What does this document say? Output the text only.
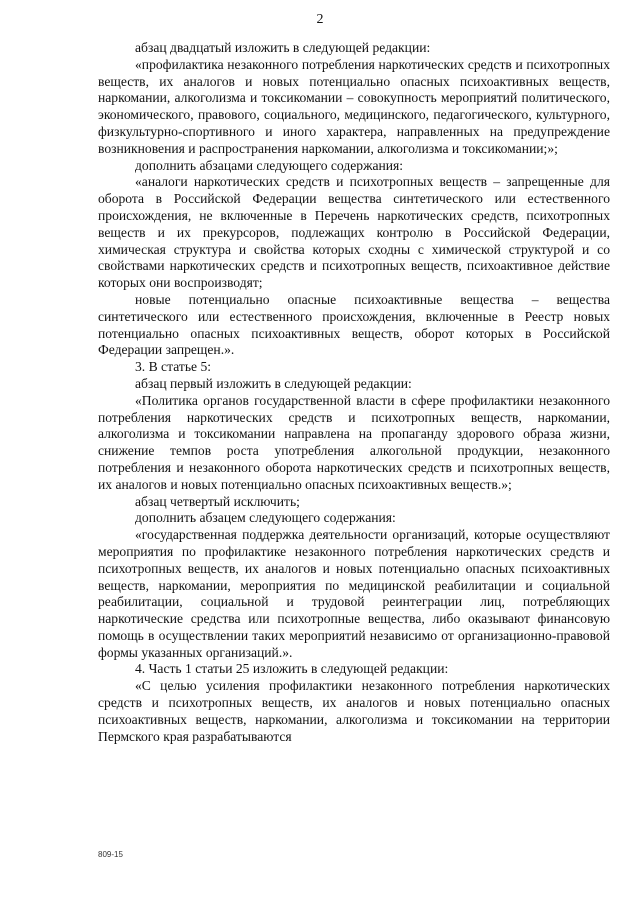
2

абзац двадцатый изложить в следующей редакции:

«профилактика незаконного потребления наркотических средств и психотропных веществ, их аналогов и новых потенциально опасных психоактивных веществ, наркомании, алкоголизма и токсикомании – совокупность мероприятий политического, экономического, правового, социального, медицинского, педагогического, культурного, физкультурно-спортивного и иного характера, направленных на предупреждение возникновения и распространения наркомании, алкоголизма и токсикомании;»;

дополнить абзацами следующего содержания:

«аналоги наркотических средств и психотропных веществ – запрещенные для оборота в Российской Федерации вещества синтетического или естественного происхождения, не включенные в Перечень наркотических средств, психотропных веществ и их прекурсоров, подлежащих контролю в Российской Федерации, химическая структура и свойства которых сходны с химической структурой и со свойствами наркотических средств и психотропных веществ, психоактивное действие которых они воспроизводят;

новые потенциально опасные психоактивные вещества – вещества синтетического или естественного происхождения, включенные в Реестр новых потенциально опасных психоактивных веществ, оборот которых в Российской Федерации запрещен.».

3. В статье 5:

абзац первый изложить в следующей редакции:

«Политика органов государственной власти в сфере профилактики незаконного потребления наркотических средств и психотропных веществ, наркомании, алкоголизма и токсикомании направлена на пропаганду здорового образа жизни, снижение темпов роста употребления алкогольной продукции, незаконного потребления и незаконного оборота наркотических средств и психотропных веществ, их аналогов и новых потенциально опасных психоактивных веществ.»;

абзац четвертый исключить;

дополнить абзацем следующего содержания:

«государственная поддержка деятельности организаций, которые осуществляют мероприятия по профилактике незаконного потребления наркотических средств и психотропных веществ, их аналогов и новых потенциально опасных психоактивных веществ, наркомании, мероприятия по медицинской реабилитации и социальной реабилитации, социальной и трудовой реинтеграции лиц, потребляющих наркотические средства или психотропные вещества, либо оказывают финансовую помощь в осуществлении таких мероприятий независимо от организационно-правовой формы указанных организаций.».

4. Часть 1 статьи 25 изложить в следующей редакции:

«С целью усиления профилактики незаконного потребления наркотических средств и психотропных веществ, их аналогов и новых потенциально опасных психоактивных веществ, наркомании, алкоголизма и токсикомании на территории Пермского края разрабатываются

809-15
